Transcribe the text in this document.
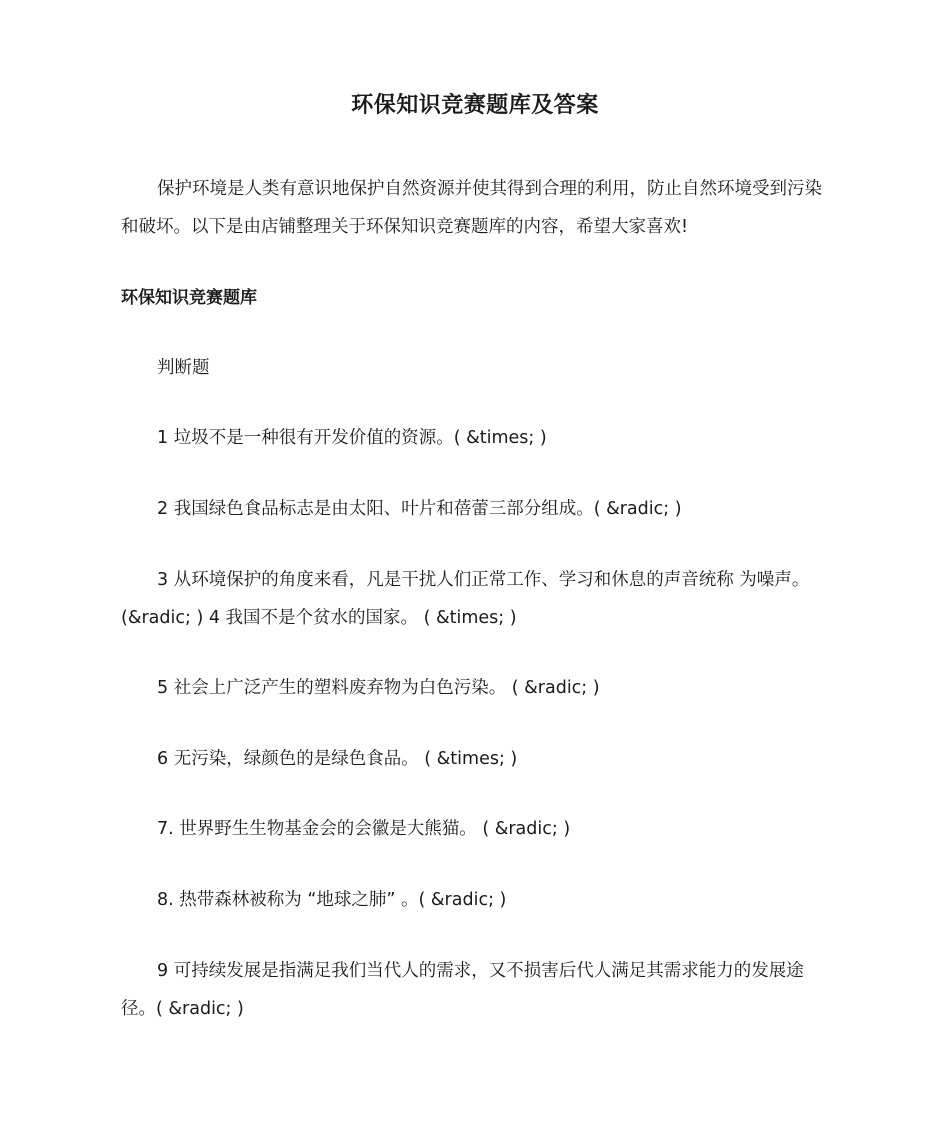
环保知识竞赛题库及答案

保护环境是人类有意识地保护自然资源并使其得到合理的利用，防止自然环境受到污染和破坏。以下是由店铺整理关于环保知识竞赛题库的内容，希望大家喜欢!

环保知识竞赛题库

判断题

1 垃圾不是一种很有开发价值的资源。( &times; )

2 我国绿色食品标志是由太阳、叶片和蓓蕾三部分组成。( &radic; )

3 从环境保护的角度来看，凡是干扰人们正常工作、学习和休息的声音统称 为噪声。(&radic; ) 4 我国不是个贫水的国家。 ( &times; )

5 社会上广泛产生的塑料废弃物为白色污染。 ( &radic; )

6 无污染，绿颜色的是绿色食品。 ( &times; )

7. 世界野生生物基金会的会徽是大熊猫。 ( &radic; )

8. 热带森林被称为 “地球之肺” 。( &radic; )

9 可持续发展是指满足我们当代人的需求，又不损害后代人满足其需求能力的发展途径。( &radic; )
